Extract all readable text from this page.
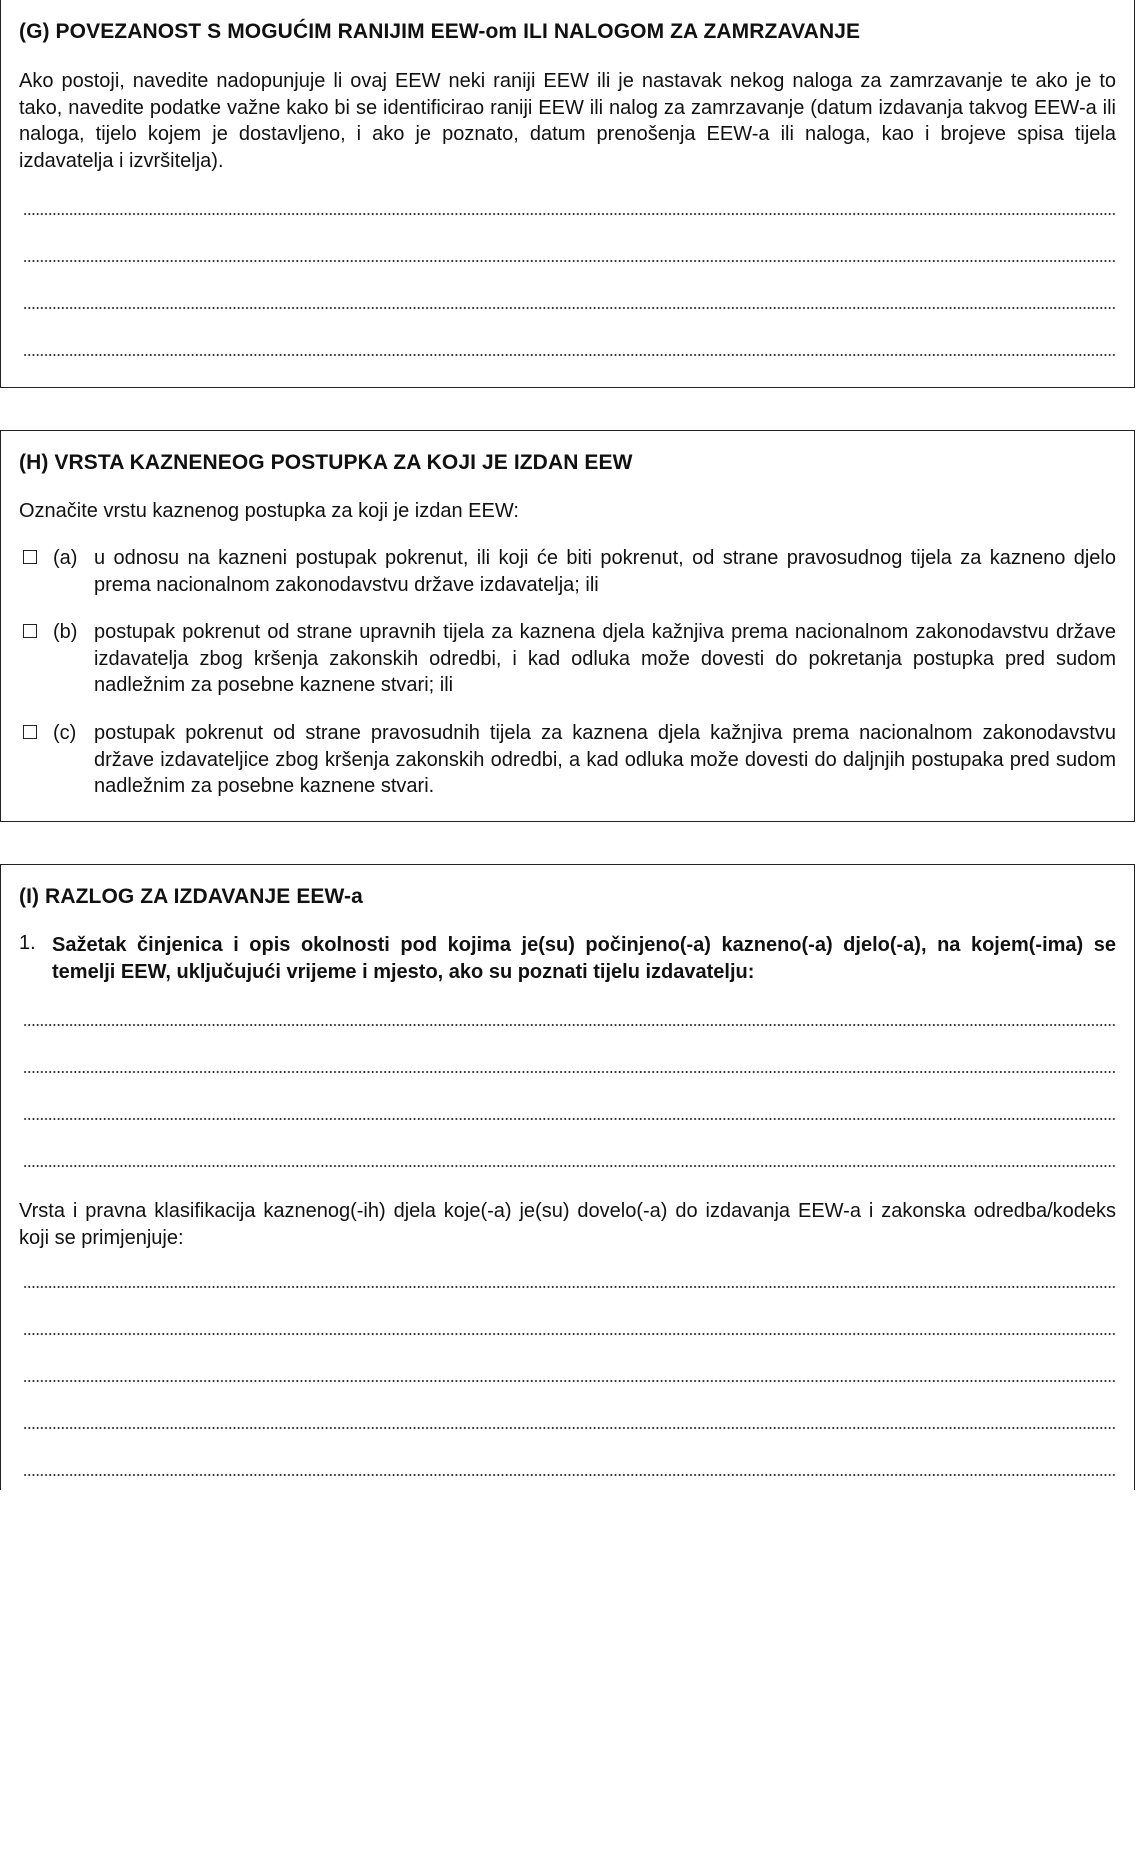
(G) POVEZANOST S MOGUĆIM RANIJIM EEW-om ILI NALOGOM ZA ZAMRZAVANJE
Ako postoji, navedite nadopunjuje li ovaj EEW neki raniji EEW ili je nastavak nekog naloga za zamrzavanje te ako je to tako, navedite podatke važne kako bi se identificirao raniji EEW ili nalog za zamrzavanje (datum izdavanja takvog EEW-a ili naloga, tijelo kojem je dostavljeno, i ako je poznato, datum prenošenja EEW-a ili naloga, kao i brojeve spisa tijela izdavatelja i izvršitelja).
(H) VRSTA KAZNENEOG POSTUPKA ZA KOJI JE IZDAN EEW
Označite vrstu kaznenog postupka za koji je izdan EEW:
(a) u odnosu na kazneni postupak pokrenut, ili koji će biti pokrenut, od strane pravosudnog tijela za kazneno djelo prema nacionalnom zakonodavstvu države izdavatelja; ili
(b) postupak pokrenut od strane upravnih tijela za kaznena djela kažnjiva prema nacionalnom zakonodavstvu države izdavatelja zbog kršenja zakonskih odredbi, i kad odluka može dovesti do pokretanja postupka pred sudom nadležnim za posebne kaznene stvari; ili
(c) postupak pokrenut od strane pravosudnih tijela za kaznena djela kažnjiva prema nacionalnom zakonodavstvu države izdavateljice zbog kršenja zakonskih odredbi, a kad odluka može dovesti do daljnjih postupaka pred sudom nadležnim za posebne kaznene stvari.
(I) RAZLOG ZA IZDAVANJE EEW-a
1. Sažetak činjenica i opis okolnosti pod kojima je(su) počinjeno(-a) kazneno(-a) djelo(-a), na kojem(-ima) se temelji EEW, uključujući vrijeme i mjesto, ako su poznati tijelu izdavatelju:
Vrsta i pravna klasifikacija kaznenog(-ih) djela koje(-a) je(su) dovelo(-a) do izdavanja EEW-a i zakonska odredba/kodeks koji se primjenjuje:
